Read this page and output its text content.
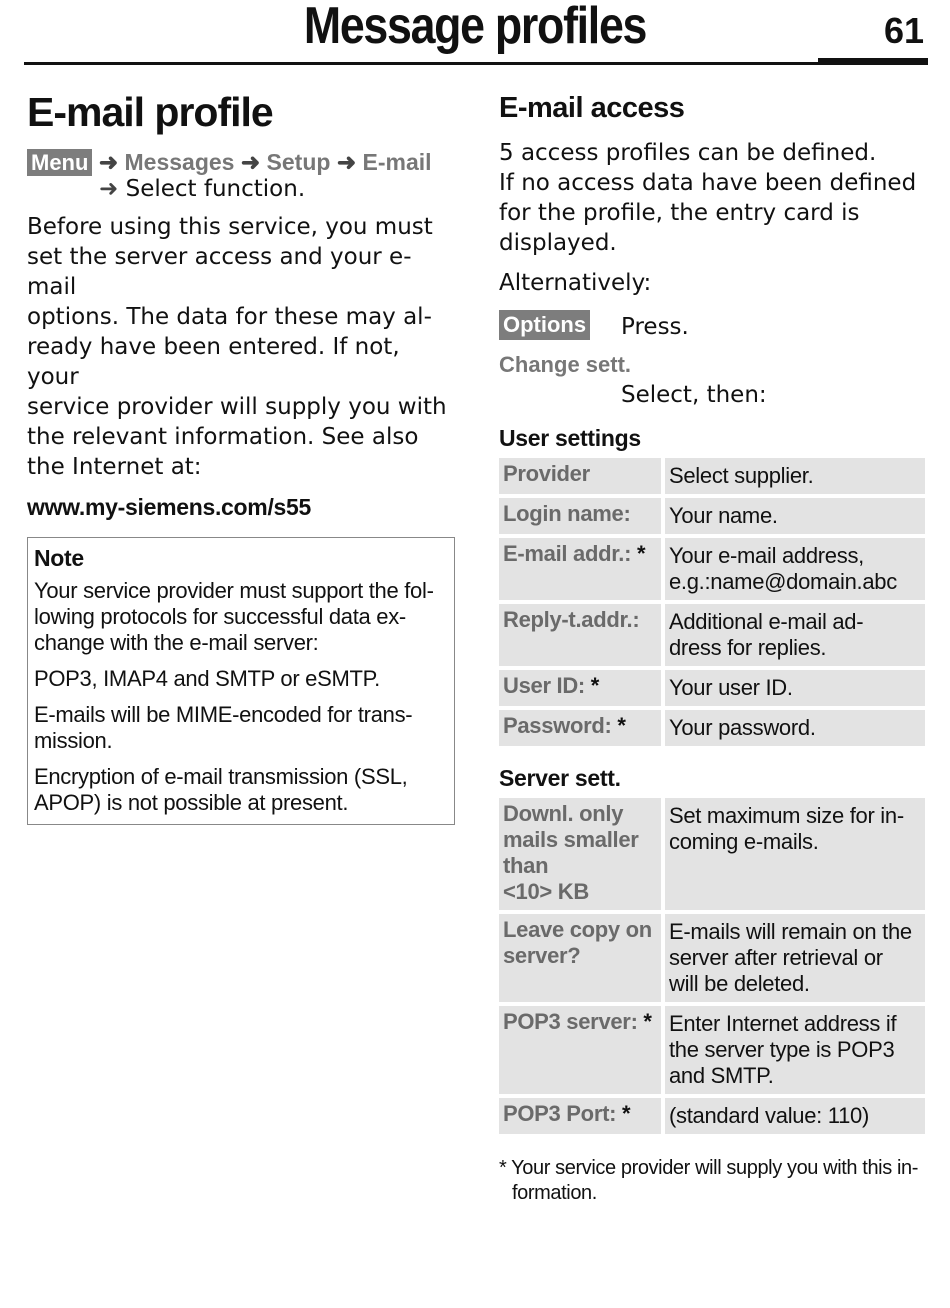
Message profiles	61
E-mail profile
Menu ➜ Messages ➜ Setup ➜ E-mail
➜ Select function.
Before using this service, you must
set the server access and your e-mail
options. The data for these may al-
ready have been entered. If not, your
service provider will supply you with
the relevant information. See also
the Internet at:
www.my-siemens.com/s55
Note

Your service provider must support the fol-
lowing protocols for successful data ex-
change with the e-mail server:

POP3, IMAP4 and SMTP or eSMTP.

E-mails will be MIME-encoded for trans-
mission.

Encryption of e-mail transmission (SSL,
APOP) is not possible at present.

E-mail access
5 access profiles can be defined.
If no access data have been defined
for the profile, the entry card is
displayed.
Alternatively:
Options Press.
Change sett.
Select, then:
User settings
Provider		Select supplier.
Login name:		Your name.
E-mail addr.: *		Your e-mail address,
e.g.:name@domain.abc
Reply-t.addr.:		Additional e-mail ad-
dress for replies.
User ID: *		Your user ID.
Password: *		Your password.
Server sett.
Downl. only
mails smaller
than
<10> KB		Set maximum size for in-
coming e-mails.
Leave copy on
server?		E-mails will remain on the
server after retrieval or
will be deleted.
POP3 server: *		Enter Internet address if
the server type is POP3
and SMTP.
POP3 Port: *		(standard value: 110)
* Your service provider will supply you with this in-
formation.
